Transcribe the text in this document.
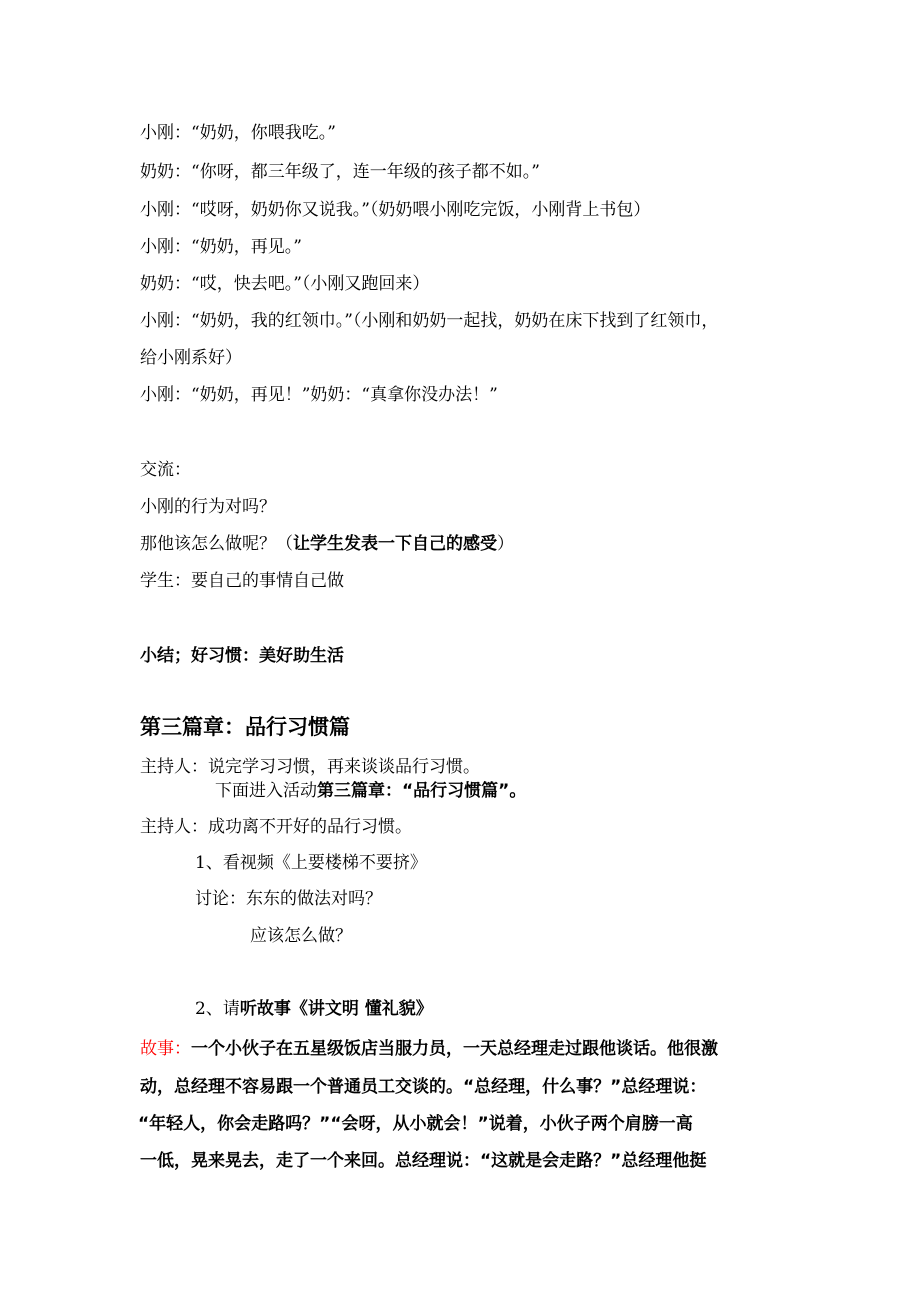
小刚：“奶奶，你喂我吃。”
奶奶：“你呀，都三年级了，连一年级的孩子都不如。”
小刚：“哎呀，奶奶你又说我。”（奶奶喂小刚吃完饭，小刚背上书包）
小刚：“奶奶，再见。”
奶奶：“哎，快去吧。”（小刚又跑回来）
小刚：“奶奶，我的红领巾。”（小刚和奶奶一起找，奶奶在床下找到了红领巾，
给小刚系好）
小刚：“奶奶，再见！”奶奶：“真拿你没办法！”
交流：
小刚的行为对吗？
那他该怎么做呢？（让学生发表一下自己的感受）
学生：要自己的事情自己做
小结；好习惯：美好助生活
第三篇章：品行习惯篇
主持人：说完学习习惯，再来谈谈品行习惯。
下面进入活动第三篇章：“品行习惯篇”。
主持人：成功离不开好的品行习惯。
1、看视频《上要楼梯不要挤》
讨论：东东的做法对吗？
应该怎么做？
2、请听故事《讲文明 懂礼貌》
故事：一个小伙子在五星级饭店当服力员，一天总经理走过跟他谈话。他很激
动，总经理不容易跟一个普通员工交谈的。“总经理，什么事？”总经理说：
“年轻人，你会走路吗？”“会呀，从小就会！”说着，小伙子两个肩膀一高
一低，晃来晃去，走了一个来回。总经理说：“这就是会走路？”总经理他挺
